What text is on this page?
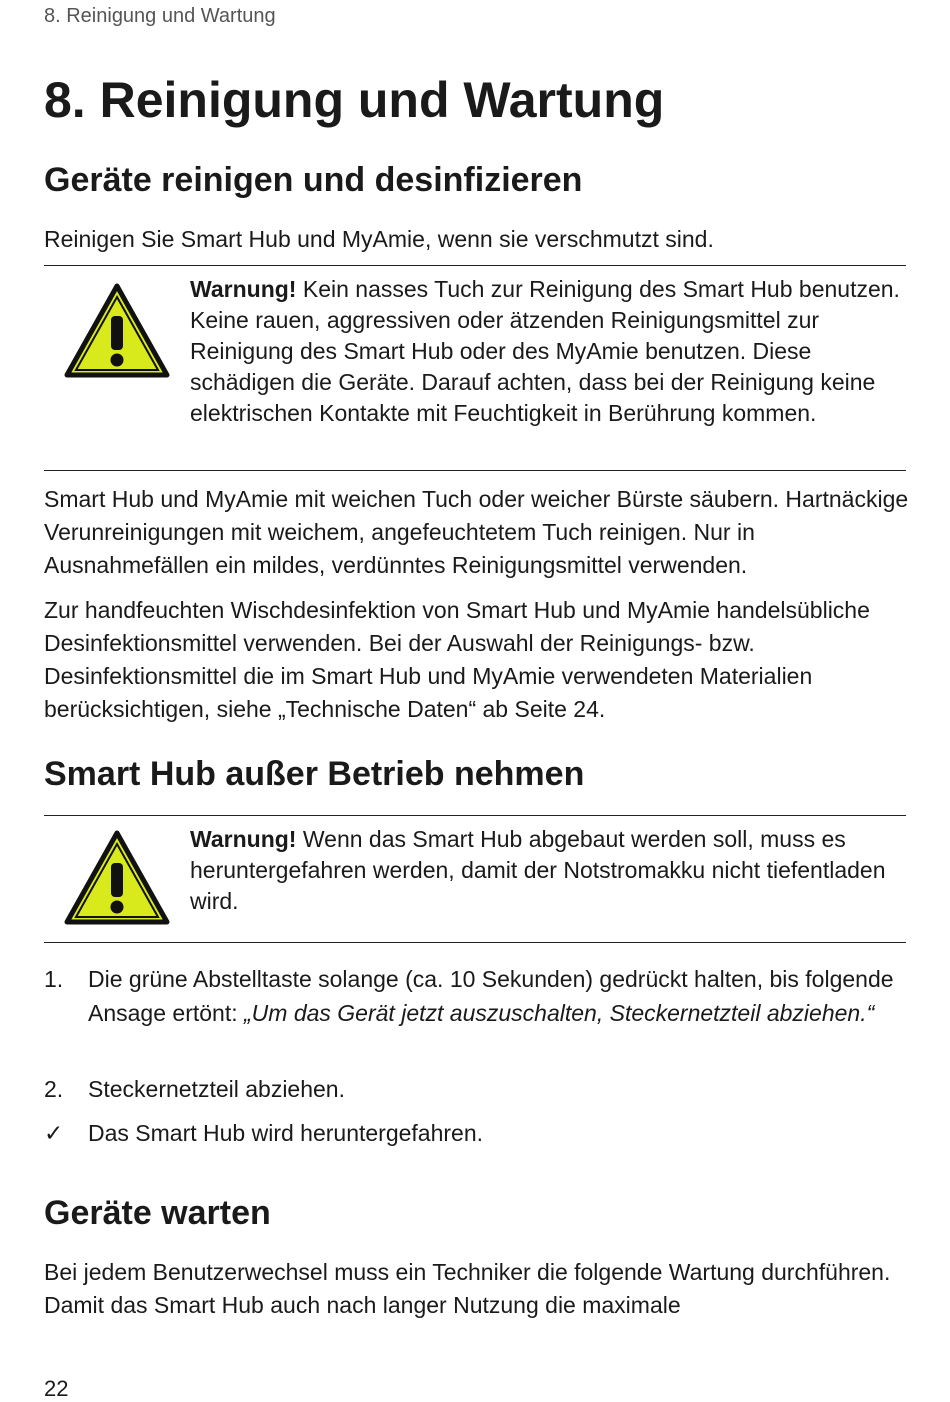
8. Reinigung und Wartung
8. Reinigung und Wartung
Geräte reinigen und desinfizieren

Reinigen Sie Smart Hub und MyAmie, wenn sie verschmutzt sind.

Warnung! Kein nasses Tuch zur Reinigung des Smart Hub benutzen. Keine rauen, aggressiven oder ätzenden Reinigungsmittel zur Reinigung des Smart Hub oder des MyAmie benutzen. Diese schädigen die Geräte. Darauf achten, dass bei der Reinigung keine elektrischen Kontakte mit Feuchtigkeit in Berührung kommen.

Smart Hub und MyAmie mit weichen Tuch oder weicher Bürste säubern. Hartnäckige Verunreinigungen mit weichem, angefeuchtetem Tuch reinigen. Nur in Ausnahmefällen ein mildes, verdünntes Reinigungsmittel verwenden.

Zur handfeuchten Wischdesinfektion von Smart Hub und MyAmie handelsübliche Desinfektionsmittel verwenden. Bei der Auswahl der Reinigungs- bzw. Desinfektionsmittel die im Smart Hub und MyAmie verwendeten Materialien berücksichtigen, siehe „Technische Daten“ ab Seite 24.

Smart Hub außer Betrieb nehmen

Warnung! Wenn das Smart Hub abgebaut werden soll, muss es heruntergefahren werden, damit der Notstromakku nicht tiefentladen wird.

1. Die grüne Abstelltaste solange (ca. 10 Sekunden) gedrückt halten, bis folgende Ansage ertönt: „Um das Gerät jetzt auszuschalten, Steckernetzteil abziehen.“
2. Steckernetzteil abziehen.
✓ Das Smart Hub wird heruntergefahren.
Geräte warten

Bei jedem Benutzerwechsel muss ein Techniker die folgende Wartung durchführen. Damit das Smart Hub auch nach langer Nutzung die maximale

22
